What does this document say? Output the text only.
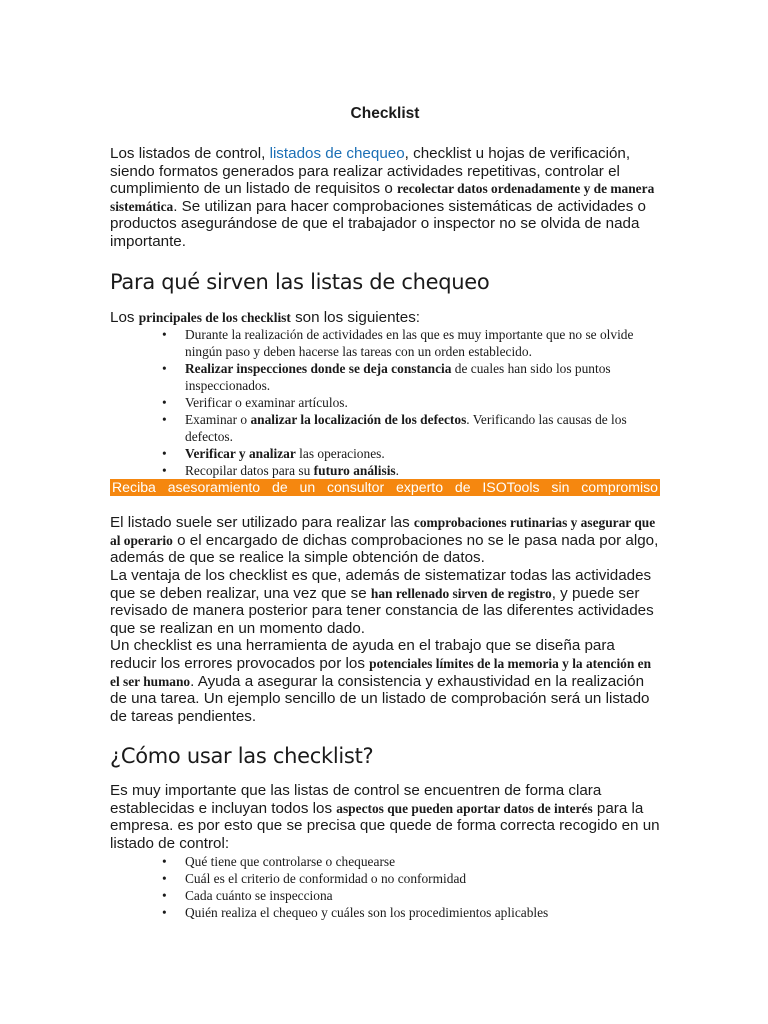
Checklist

Los listados de control, listados de chequeo, checklist u hojas de verificación, siendo formatos generados para realizar actividades repetitivas, controlar el cumplimiento de un listado de requisitos o recolectar datos ordenadamente y de manera sistemática. Se utilizan para hacer comprobaciones sistemáticas de actividades o productos asegurándose de que el trabajador o inspector no se olvida de nada importante.

Para qué sirven las listas de chequeo

Los principales de los checklist son los siguientes:

• Durante la realización de actividades en las que es muy importante que no se olvide ningún paso y deben hacerse las tareas con un orden establecido.
• Realizar inspecciones donde se deja constancia de cuales han sido los puntos inspeccionados.
• Verificar o examinar artículos.
• Examinar o analizar la localización de los defectos. Verificando las causas de los defectos.
• Verificar y analizar las operaciones.
• Recopilar datos para su futuro análisis.
Reciba asesoramiento de un consultor experto de ISOTools sin compromiso

El listado suele ser utilizado para realizar las comprobaciones rutinarias y asegurar que al operario o el encargado de dichas comprobaciones no se le pasa nada por algo, además de que se realice la simple obtención de datos.

La ventaja de los checklist es que, además de sistematizar todas las actividades que se deben realizar, una vez que se han rellenado sirven de registro, y puede ser revisado de manera posterior para tener constancia de las diferentes actividades que se realizan en un momento dado.

Un checklist es una herramienta de ayuda en el trabajo que se diseña para reducir los errores provocados por los potenciales límites de la memoria y la atención en el ser humano. Ayuda a asegurar la consistencia y exhaustividad en la realización de una tarea. Un ejemplo sencillo de un listado de comprobación será un listado de tareas pendientes.

¿Cómo usar las checklist?

Es muy importante que las listas de control se encuentren de forma clara establecidas e incluyan todos los aspectos que pueden aportar datos de interés para la empresa. es por esto que se precisa que quede de forma correcta recogido en un listado de control:

• Qué tiene que controlarse o chequearse
• Cuál es el criterio de conformidad o no conformidad
• Cada cuánto se inspecciona
• Quién realiza el chequeo y cuáles son los procedimientos aplicables
